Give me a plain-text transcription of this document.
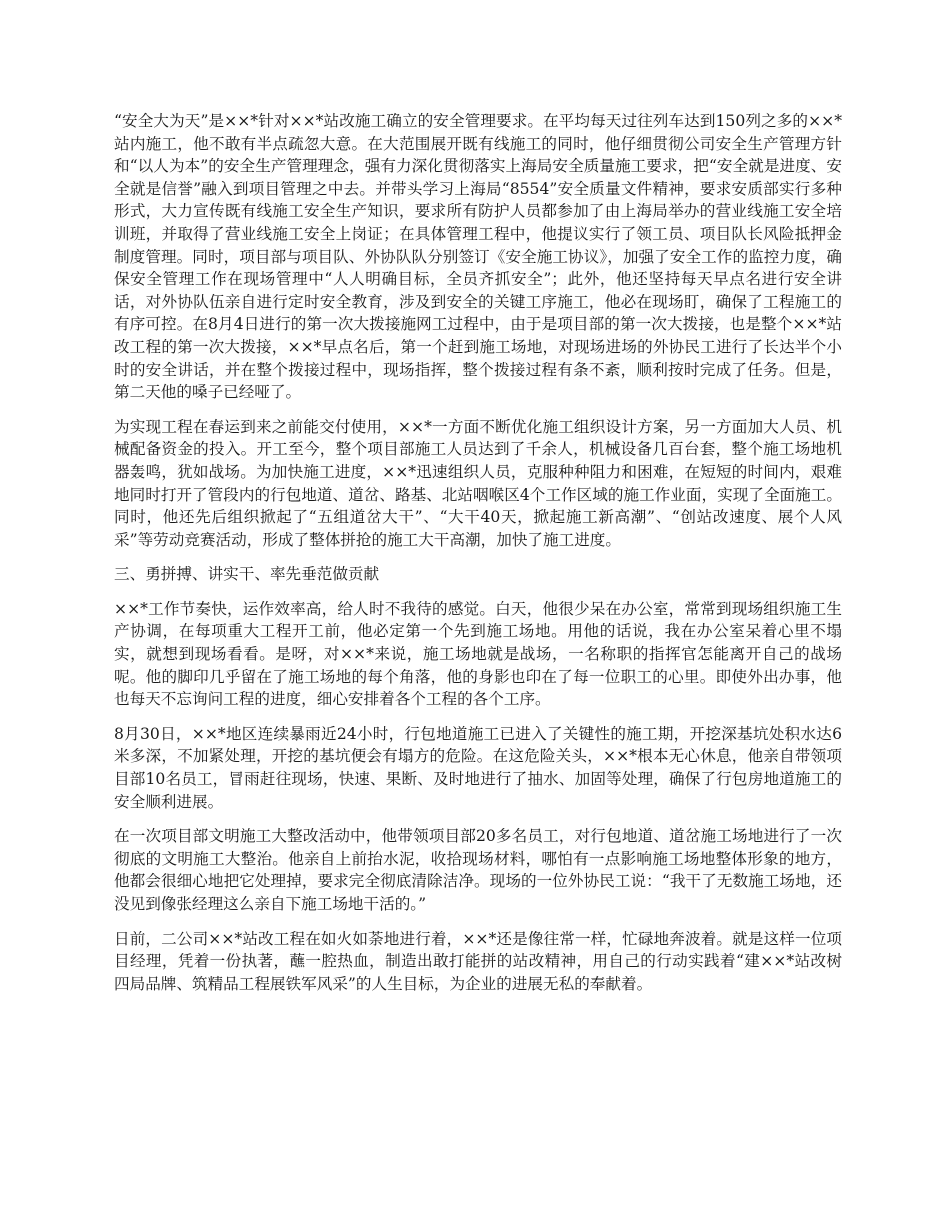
“安全大为天”是××*针对××*站改施工确立的安全管理要求。在平均每天过往列车达到150列之多的××*站内施工，他不敢有半点疏忽大意。在大范围展开既有线施工的同时，他仔细贯彻公司安全生产管理方针和“以人为本”的安全生产管理理念，强有力深化贯彻落实上海局安全质量施工要求，把“安全就是进度、安全就是信誉”融入到项目管理之中去。并带头学习上海局“8554”安全质量文件精神，要求安质部实行多种形式，大力宣传既有线施工安全生产知识，要求所有防护人员都参加了由上海局举办的营业线施工安全培训班，并取得了营业线施工安全上岗证；在具体管理工程中，他提议实行了领工员、项目队长风险抵押金制度管理。同时，项目部与项目队、外协队队分别签订《安全施工协议》，加强了安全工作的监控力度，确保安全管理工作在现场管理中“人人明确目标，全员齐抓安全”；此外，他还坚持每天早点名进行安全讲话，对外协队伍亲自进行定时安全教育，涉及到安全的关键工序施工，他必在现场盯，确保了工程施工的有序可控。在8月4日进行的第一次大拨接施网工过程中，由于是项目部的第一次大拨接，也是整个××*站改工程的第一次大拨接，××*早点名后，第一个赶到施工场地，对现场进场的外协民工进行了长达半个小时的安全讲话，并在整个拨接过程中，现场指挥，整个拨接过程有条不紊，顺利按时完成了任务。但是，第二天他的嗓子已经哑了。

为实现工程在春运到来之前能交付使用，××*一方面不断优化施工组织设计方案，另一方面加大人员、机械配备资金的投入。开工至今，整个项目部施工人员达到了千余人，机械设备几百台套，整个施工场地机器轰鸣，犹如战场。为加快施工进度，××*迅速组织人员，克服种种阻力和困难，在短短的时间内，艰难地同时打开了管段内的行包地道、道岔、路基、北站咽喉区4个工作区域的施工作业面，实现了全面施工。同时，他还先后组织掀起了“五组道岔大干”、“大干40天，掀起施工新高潮”、“创站改速度、展个人风采”等劳动竞赛活动，形成了整体拼抢的施工大干高潮，加快了施工进度。

三、勇拼搏、讲实干、率先垂范做贡献

××*工作节奏快，运作效率高，给人时不我待的感觉。白天，他很少呆在办公室，常常到现场组织施工生产协调，在每项重大工程开工前，他必定第一个先到施工场地。用他的话说，我在办公室呆着心里不塌实，就想到现场看看。是呀，对××*来说，施工场地就是战场，一名称职的指挥官怎能离开自己的战场呢。他的脚印几乎留在了施工场地的每个角落，他的身影也印在了每一位职工的心里。即使外出办事，他也每天不忘询问工程的进度，细心安排着各个工程的各个工序。

8月30日，××*地区连续暴雨近24小时，行包地道施工已进入了关键性的施工期，开挖深基坑处积水达6米多深，不加紧处理，开挖的基坑便会有塌方的危险。在这危险关头，××*根本无心休息，他亲自带领项目部10名员工，冒雨赶往现场，快速、果断、及时地进行了抽水、加固等处理，确保了行包房地道施工的安全顺利进展。

在一次项目部文明施工大整改活动中，他带领项目部20多名员工，对行包地道、道岔施工场地进行了一次彻底的文明施工大整治。他亲自上前抬水泥，收拾现场材料，哪怕有一点影响施工场地整体形象的地方，他都会很细心地把它处理掉，要求完全彻底清除洁净。现场的一位外协民工说：“我干了无数施工场地，还没见到像张经理这么亲自下施工场地干活的。”

日前，二公司××*站改工程在如火如荼地进行着，××*还是像往常一样，忙碌地奔波着。就是这样一位项目经理，凭着一份执著，蘸一腔热血，制造出敢打能拼的站改精神，用自己的行动实践着“建××*站改树四局品牌、筑精品工程展铁军风采”的人生目标，为企业的进展无私的奉献着。
